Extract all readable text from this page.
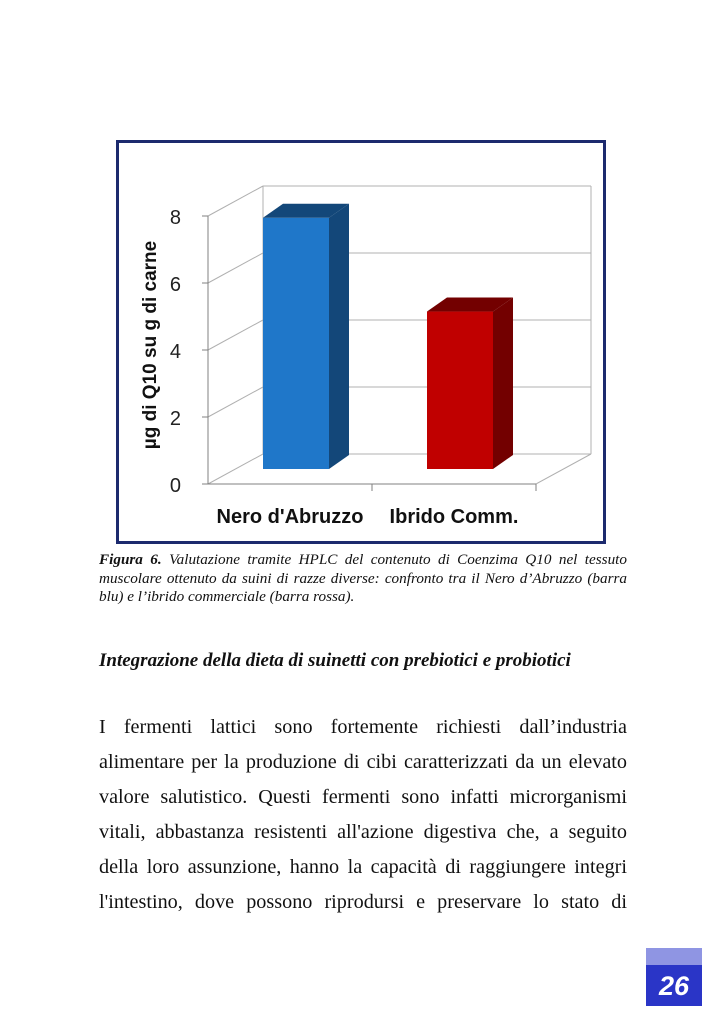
0
2
4
6
8
Nero d'Abruzzo Ibrido Comm.
µg di Q10 su g di carne
Figura 6. Valutazione tramite HPLC del contenuto di Coenzima Q10 nel tessuto muscolare ottenuto da suini di razze diverse: confronto tra il Nero d’Abruzzo (barra blu) e l’ibrido commerciale (barra rossa).
Integrazione della dieta di suinetti con prebiotici e probiotici
I fermenti lattici sono fortemente richiesti dall’industria
alimentare per la produzione di cibi caratterizzati da un elevato
valore salutistico. Questi fermenti sono infatti microrganismi
vitali, abbastanza resistenti all'azione digestiva che, a seguito
della loro assunzione, hanno la capacità di raggiungere integri
l'intestino, dove possono riprodursi e preservare lo stato di
26
